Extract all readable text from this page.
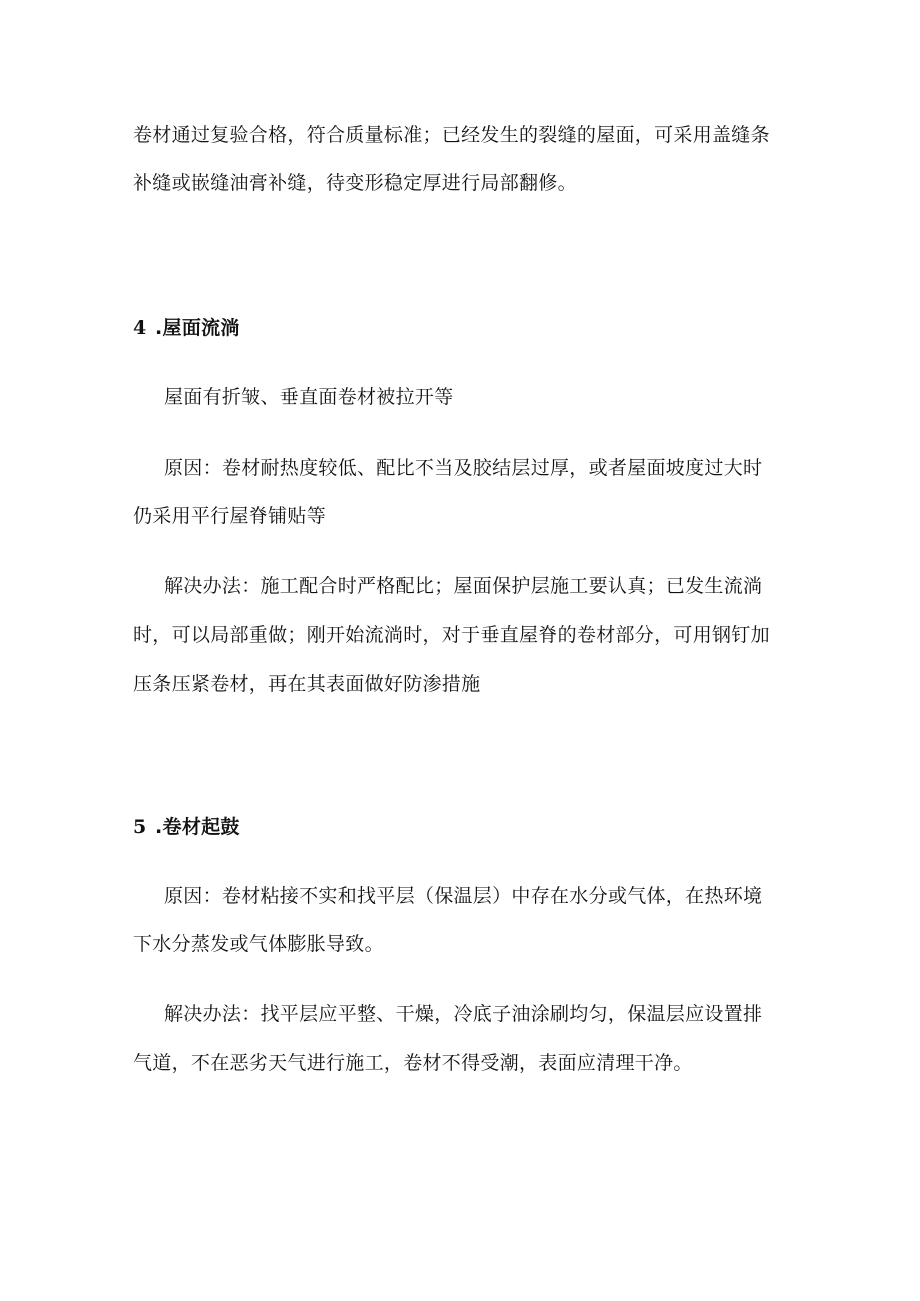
卷材通过复验合格，符合质量标准；已经发生的裂缝的屋面，可采用盖缝条
补缝或嵌缝油膏补缝，待变形稳定厚进行局部翻修。
4 .屋面流淌
屋面有折皱、垂直面卷材被拉开等
原因：卷材耐热度较低、配比不当及胶结层过厚，或者屋面坡度过大时
仍采用平行屋脊铺贴等
解决办法：施工配合时严格配比；屋面保护层施工要认真；已发生流淌
时，可以局部重做；刚开始流淌时，对于垂直屋脊的卷材部分，可用钢钉加
压条压紧卷材，再在其表面做好防渗措施
5 .卷材起鼓
原因：卷材粘接不实和找平层（保温层）中存在水分或气体，在热环境
下水分蒸发或气体膨胀导致。
解决办法：找平层应平整、干燥，冷底子油涂刷均匀，保温层应设置排
气道，不在恶劣天气进行施工，卷材不得受潮，表面应清理干净。
